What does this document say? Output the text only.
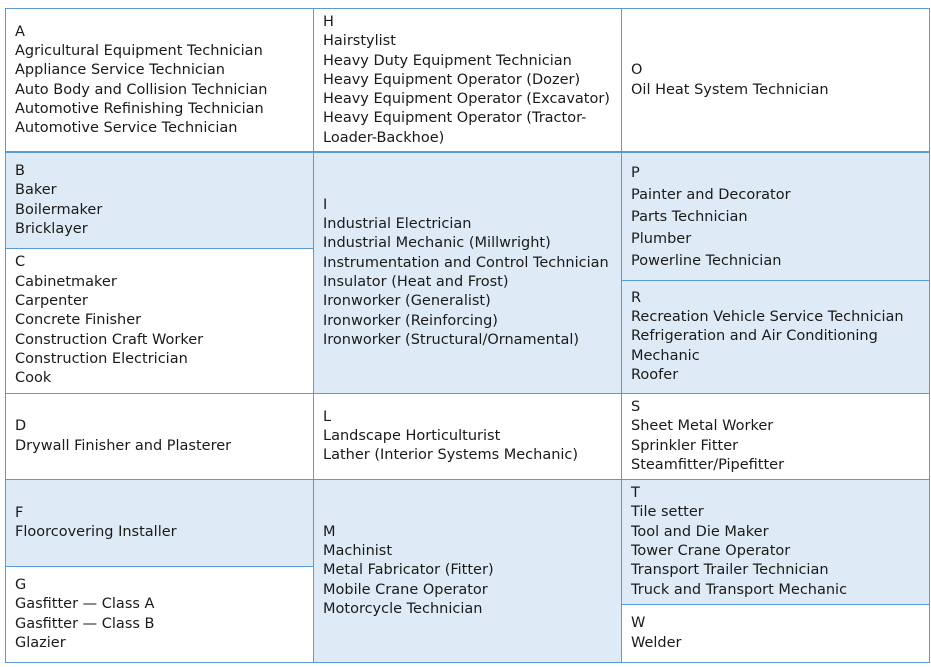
A
Agricultural Equipment Technician
Appliance Service Technician
Auto Body and Collision Technician
Automotive Refinishing Technician
Automotive Service Technician
H
Hairstylist
Heavy Duty Equipment Technician
Heavy Equipment Operator (Dozer)
Heavy Equipment Operator (Excavator)
Heavy Equipment Operator (Tractor-
Loader-Backhoe)
O
Oil Heat System Technician
B
Baker
Boilermaker
Bricklayer
C
Cabinetmaker
Carpenter
Concrete Finisher
Construction Craft Worker
Construction Electrician
Cook
I
Industrial Electrician
Industrial Mechanic (Millwright)
Instrumentation and Control Technician
Insulator (Heat and Frost)
Ironworker (Generalist)
Ironworker (Reinforcing)
Ironworker (Structural/Ornamental)
P
Painter and Decorator
Parts Technician
Plumber
Powerline Technician
R
Recreation Vehicle Service Technician
Refrigeration and Air Conditioning
Mechanic
Roofer
D
Drywall Finisher and Plasterer
L
Landscape Horticulturist
Lather (Interior Systems Mechanic)
S
Sheet Metal Worker
Sprinkler Fitter
Steamfitter/Pipefitter
F
Floorcovering Installer
G
Gasfitter — Class A
Gasfitter — Class B
Glazier
M
Machinist
Metal Fabricator (Fitter)
Mobile Crane Operator
Motorcycle Technician
T
Tile setter
Tool and Die Maker
Tower Crane Operator
Transport Trailer Technician
Truck and Transport Mechanic
W
Welder
